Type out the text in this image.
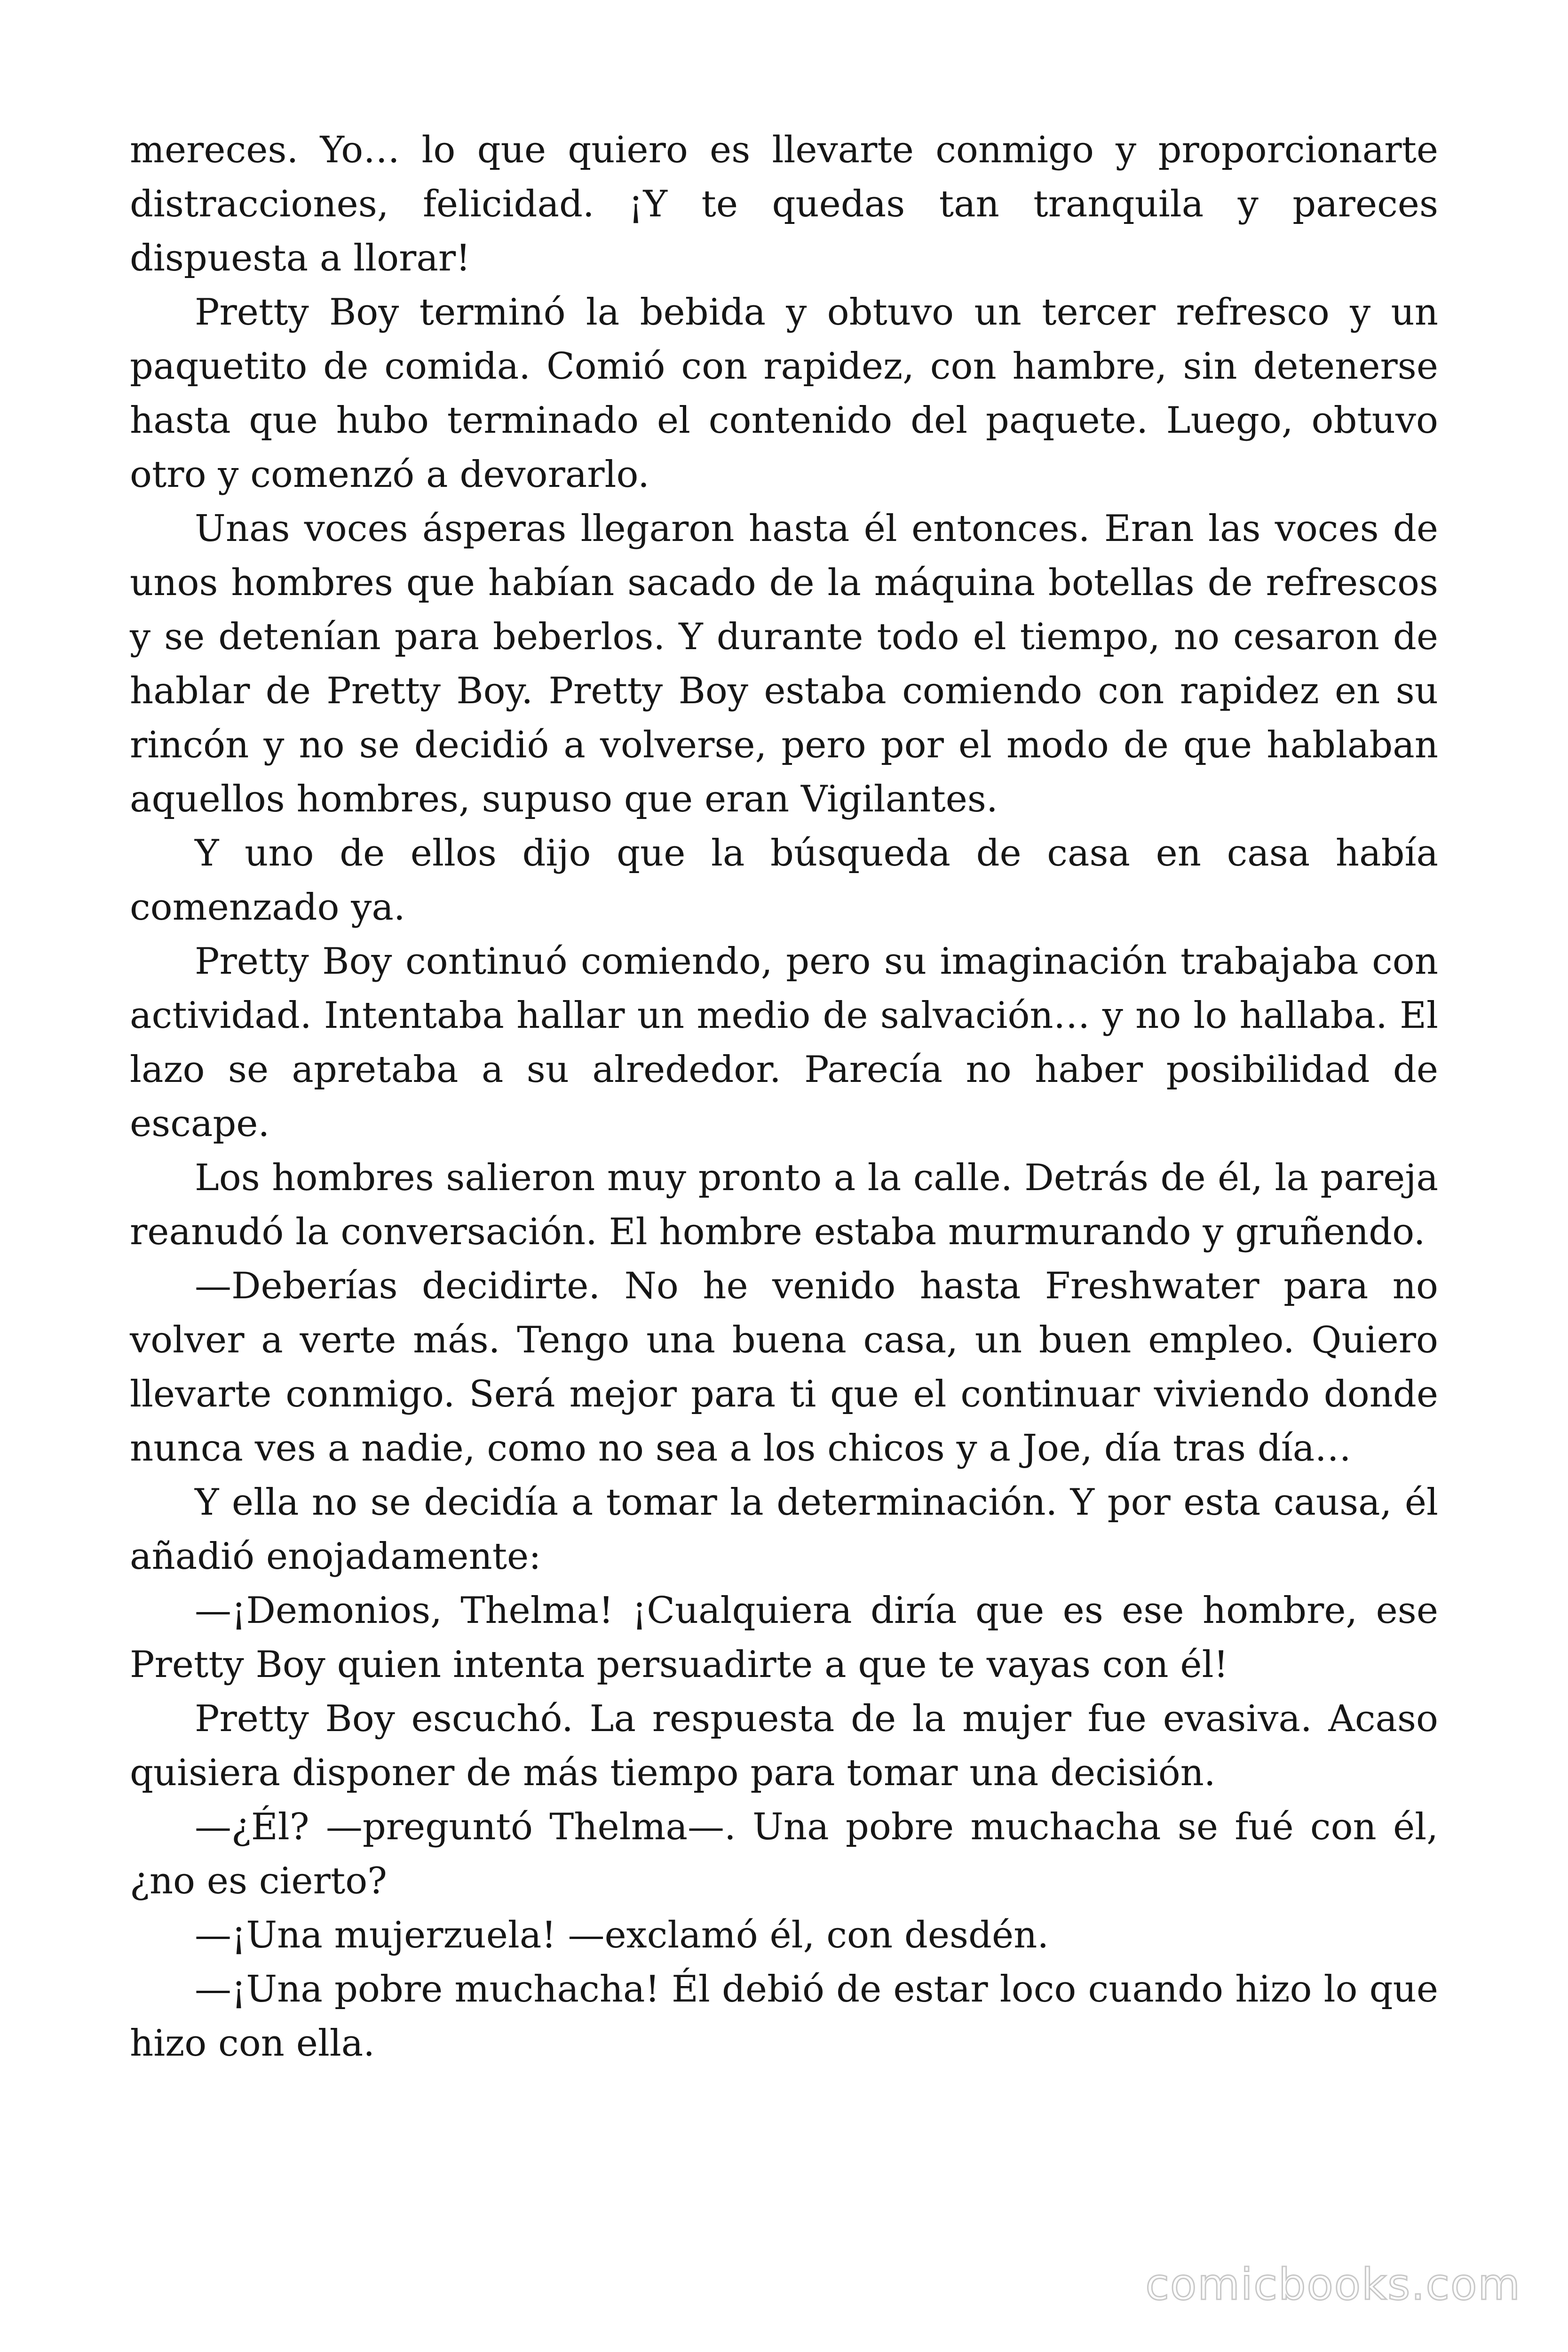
mereces. Yo… lo que quiero es llevarte conmigo y proporcionarte distracciones, felicidad. ¡Y te quedas tan tranquila y pareces dispuesta a llorar!

Pretty Boy terminó la bebida y obtuvo un tercer refresco y un paquetito de comida. Comió con rapidez, con hambre, sin detenerse hasta que hubo terminado el contenido del paquete. Luego, obtuvo otro y comenzó a devorarlo.

Unas voces ásperas llegaron hasta él entonces. Eran las voces de unos hombres que habían sacado de la máquina botellas de refrescos y se detenían para beberlos. Y durante todo el tiempo, no cesaron de hablar de Pretty Boy. Pretty Boy estaba comiendo con rapidez en su rincón y no se decidió a volverse, pero por el modo de que hablaban aquellos hombres, supuso que eran Vigilantes.

Y uno de ellos dijo que la búsqueda de casa en casa había comenzado ya.

Pretty Boy continuó comiendo, pero su imaginación trabajaba con actividad. Intentaba hallar un medio de salvación… y no lo hallaba. El lazo se apretaba a su alrededor. Parecía no haber posibilidad de escape.

Los hombres salieron muy pronto a la calle. Detrás de él, la pareja reanudó la conversación. El hombre estaba murmurando y gruñendo.

—Deberías decidirte. No he venido hasta Freshwater para no volver a verte más. Tengo una buena casa, un buen empleo. Quiero llevarte conmigo. Será mejor para ti que el continuar viviendo donde nunca ves a nadie, como no sea a los chicos y a Joe, día tras día…

Y ella no se decidía a tomar la determinación. Y por esta causa, él añadió enojadamente:

—¡Demonios, Thelma! ¡Cualquiera diría que es ese hombre, ese Pretty Boy quien intenta persuadirte a que te vayas con él!

Pretty Boy escuchó. La respuesta de la mujer fue evasiva. Acaso quisiera disponer de más tiempo para tomar una decisión.

—¿Él? —preguntó Thelma—. Una pobre muchacha se fué con él, ¿no es cierto?

—¡Una mujerzuela! —exclamó él, con desdén.

—¡Una pobre muchacha! Él debió de estar loco cuando hizo lo que hizo con ella.

comicbooks.com
